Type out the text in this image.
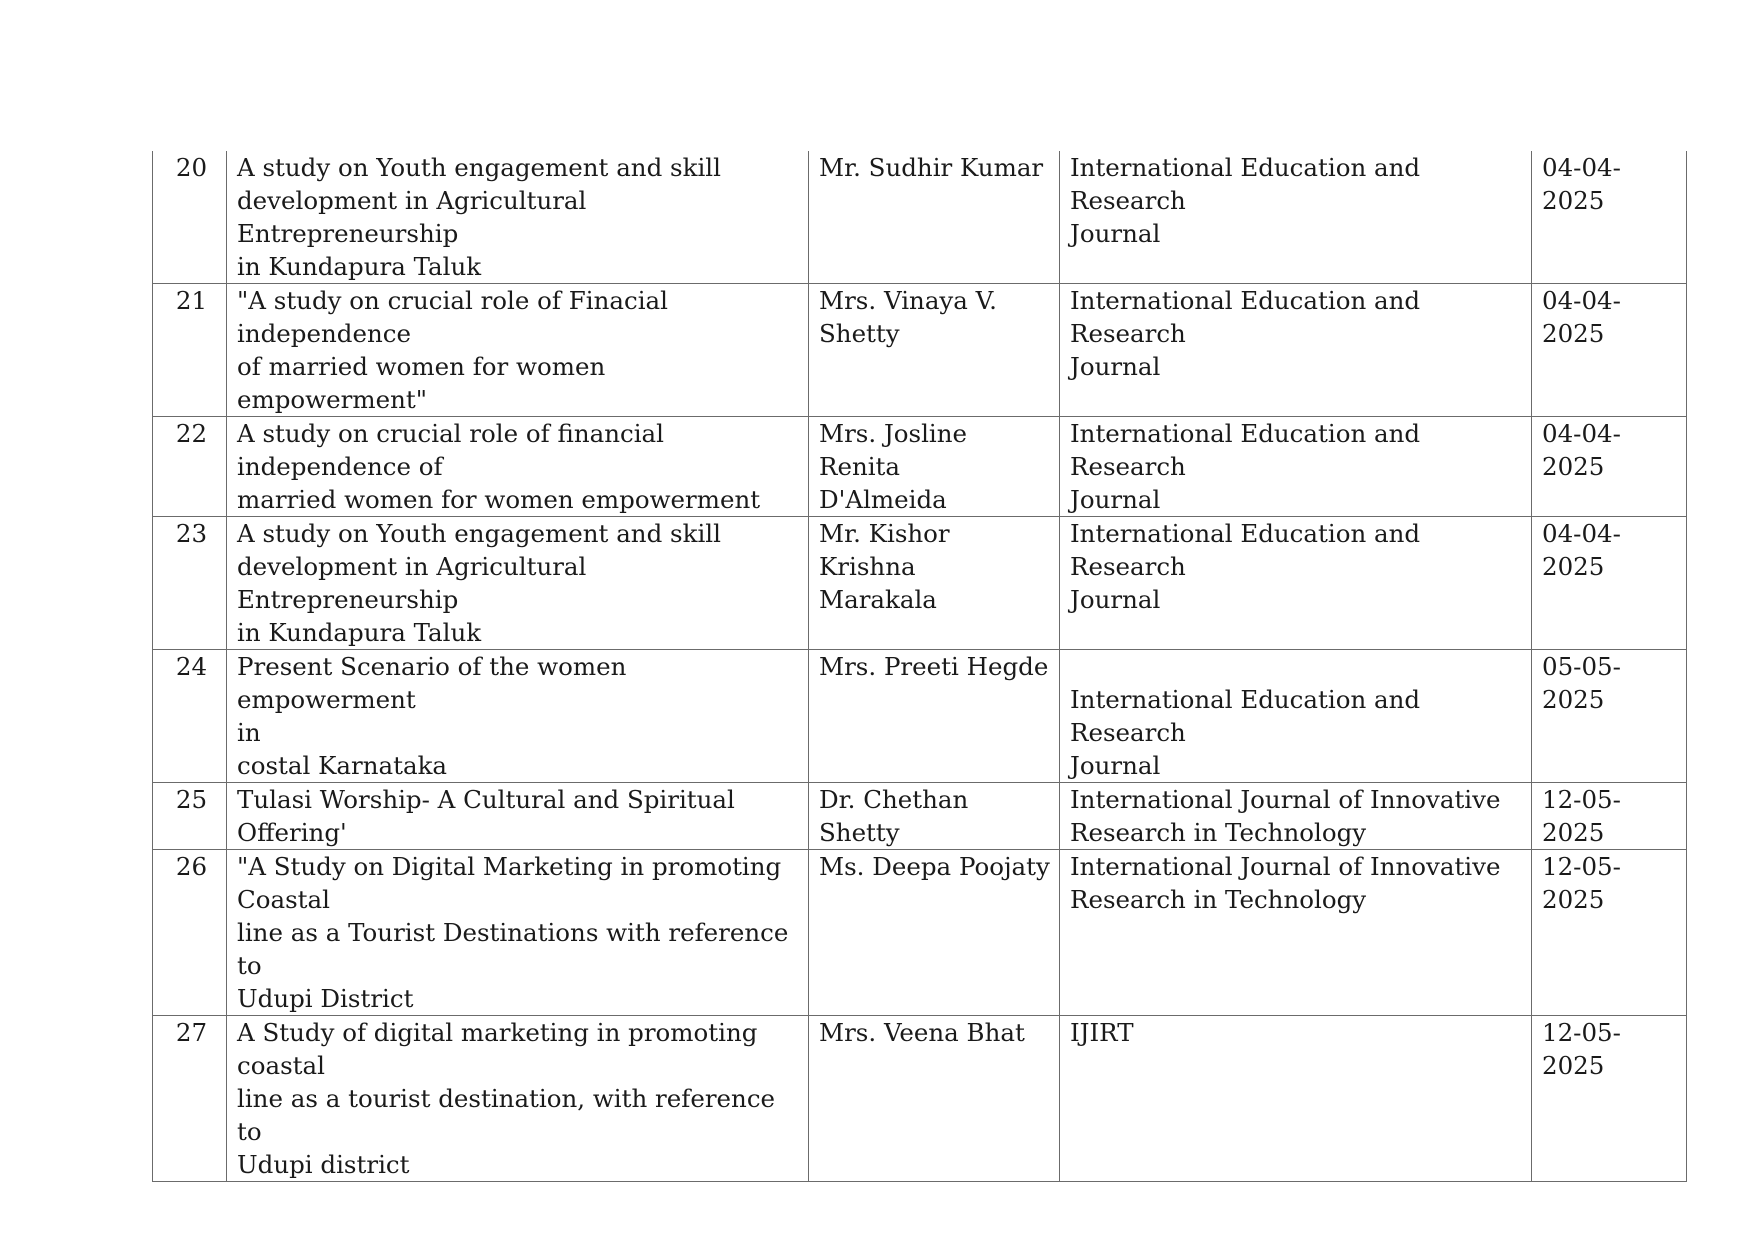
20	A study on Youth engagement and skill
development in Agricultural Entrepreneurship
in Kundapura Taluk	Mr. Sudhir Kumar	International Education and Research
Journal	04-04-2025
21	"A study on crucial role of Finacial
independence
of married women for women empowerment"	Mrs. Vinaya V.
Shetty	International Education and Research
Journal	04-04-2025
22	A study on crucial role of financial
independence of
married women for women empowerment	Mrs. Josline Renita
D'Almeida	International Education and Research
Journal	04-04-2025
23	A study on Youth engagement and skill
development in Agricultural Entrepreneurship
in Kundapura Taluk	Mr. Kishor
Krishna
Marakala	International Education and Research
Journal	04-04-2025
24	Present Scenario of the women empowerment
in
costal Karnataka	Mrs. Preeti Hegde	
International Education and Research
Journal	05-05-2025
25	Tulasi Worship- A Cultural and Spiritual
Offering'	Dr. Chethan Shetty	International Journal of Innovative
Research in Technology	12-05-2025
26	"A Study on Digital Marketing in promoting
Coastal
line as a Tourist Destinations with reference to
Udupi District	Ms. Deepa Poojaty	International Journal of Innovative
Research in Technology	12-05-2025
27	A Study of digital marketing in promoting
coastal
line as a tourist destination, with reference to
Udupi district	Mrs. Veena Bhat	IJIRT	12-05-2025
